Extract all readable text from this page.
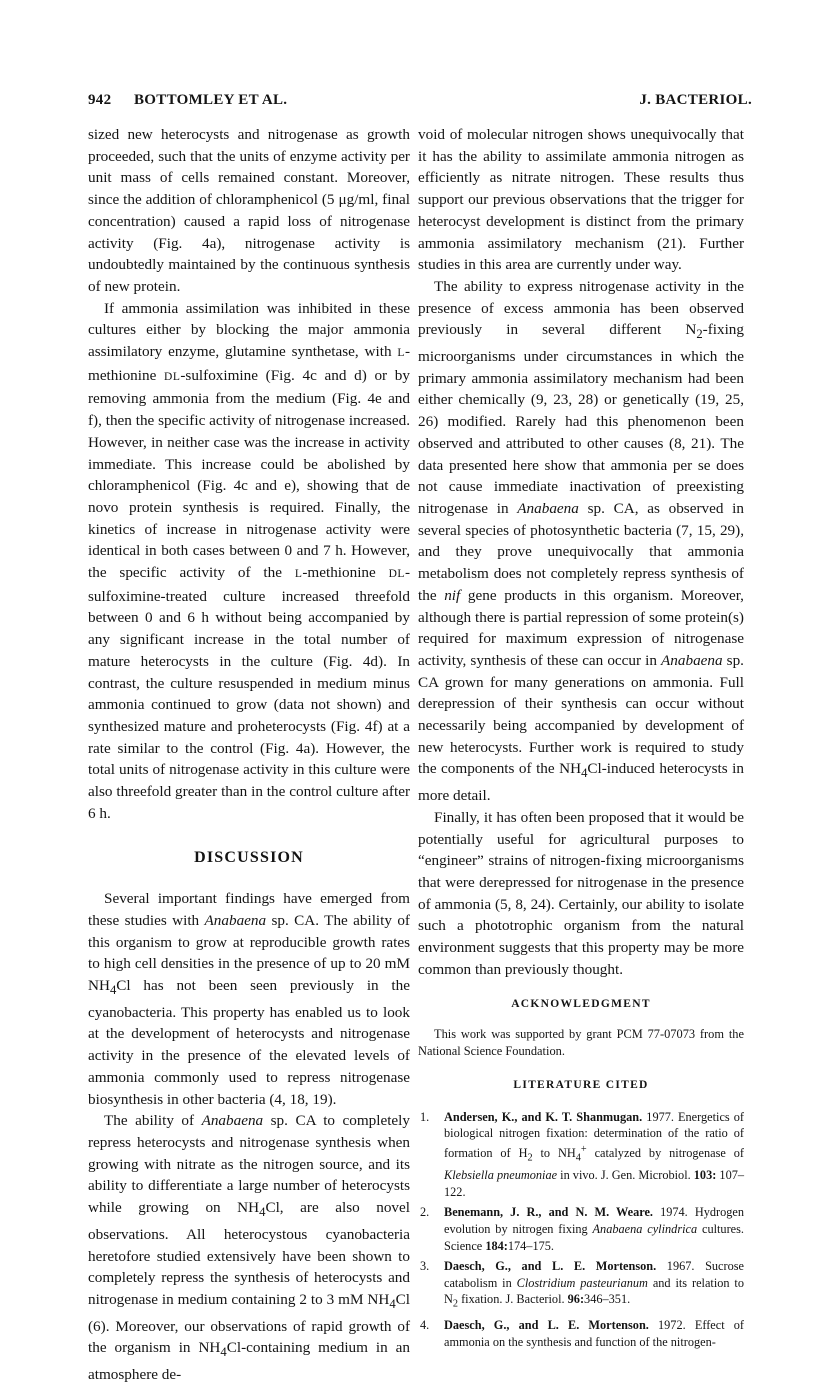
942 BOTTOMLEY ET AL.	J. BACTERIOL.

sized new heterocysts and nitrogenase as growth proceeded, such that the units of enzyme activity per unit mass of cells remained constant. Moreover, since the addition of chloramphenicol (5 μg/ml, final concentration) caused a rapid loss of nitrogenase activity (Fig. 4a), nitrogenase activity is undoubtedly maintained by the continuous synthesis of new protein.

If ammonia assimilation was inhibited in these cultures either by blocking the major ammonia assimilatory enzyme, glutamine synthetase, with L-methionine DL-sulfoximine (Fig. 4c and d) or by removing ammonia from the medium (Fig. 4e and f), then the specific activity of nitrogenase increased. However, in neither case was the increase in activity immediate. This increase could be abolished by chloramphenicol (Fig. 4c and e), showing that de novo protein synthesis is required. Finally, the kinetics of increase in nitrogenase activity were identical in both cases between 0 and 7 h. However, the specific activity of the L-methionine DL-sulfoximine-treated culture increased threefold between 0 and 6 h without being accompanied by any significant increase in the total number of mature heterocysts in the culture (Fig. 4d). In contrast, the culture resuspended in medium minus ammonia continued to grow (data not shown) and synthesized mature and proheterocysts (Fig. 4f) at a rate similar to the control (Fig. 4a). However, the total units of nitrogenase activity in this culture were also threefold greater than in the control culture after 6 h.

DISCUSSION

Several important findings have emerged from these studies with Anabaena sp. CA. The ability of this organism to grow at reproducible growth rates to high cell densities in the presence of up to 20 mM $NH_4Cl$ has not been seen previously in the cyanobacteria. This property has enabled us to look at the development of heterocysts and nitrogenase activity in the presence of the elevated levels of ammonia commonly used to repress nitrogenase biosynthesis in other bacteria (4, 18, 19).

The ability of Anabaena sp. CA to completely repress heterocysts and nitrogenase synthesis when growing with nitrate as the nitrogen source, and its ability to differentiate a large number of heterocysts while growing on $NH_4Cl$, are also novel observations. All heterocystous cyanobacteria heretofore studied extensively have been shown to completely repress the synthesis of heterocysts and nitrogenase in medium containing 2 to 3 mM $NH_4Cl$ (6). Moreover, our observations of rapid growth of the organism in $NH_4Cl$-containing medium in an atmosphere de-

void of molecular nitrogen shows unequivocally that it has the ability to assimilate ammonia nitrogen as efficiently as nitrate nitrogen. These results thus support our previous observations that the trigger for heterocyst development is distinct from the primary ammonia assimilatory mechanism (21). Further studies in this area are currently under way.

The ability to express nitrogenase activity in the presence of excess ammonia has been observed previously in several different $N_2$-fixing microorganisms under circumstances in which the primary ammonia assimilatory mechanism had been either chemically (9, 23, 28) or genetically (19, 25, 26) modified. Rarely had this phenomenon been observed and attributed to other causes (8, 21). The data presented here show that ammonia per se does not cause immediate inactivation of preexisting nitrogenase in Anabaena sp. CA, as observed in several species of photosynthetic bacteria (7, 15, 29), and they prove unequivocally that ammonia metabolism does not completely repress synthesis of the nif gene products in this organism. Moreover, although there is partial repression of some protein(s) required for maximum expression of nitrogenase activity, synthesis of these can occur in Anabaena sp. CA grown for many generations on ammonia. Full derepression of their synthesis can occur without necessarily being accompanied by development of new heterocysts. Further work is required to study the components of the $NH_4Cl$-induced heterocysts in more detail.

Finally, it has often been proposed that it would be potentially useful for agricultural purposes to “engineer” strains of nitrogen-fixing microorganisms that were derepressed for nitrogenase in the presence of ammonia (5, 8, 24). Certainly, our ability to isolate such a phototrophic organism from the natural environment suggests that this property may be more common than previously thought.

ACKNOWLEDGMENT

This work was supported by grant PCM 77-07073 from the National Science Foundation.

LITERATURE CITED
1. Andersen, K., and K. T. Shanmugan. 1977. Energetics of biological nitrogen fixation: determination of the ratio of formation of $H_2$ to $NH_4^+$ catalyzed by nitrogenase of Klebsiella pneumoniae in vivo. J. Gen. Microbiol. 103: 107–122.
2. Benemann, J. R., and N. M. Weare. 1974. Hydrogen evolution by nitrogen fixing Anabaena cylindrica cultures. Science 184:174–175.
3. Daesch, G., and L. E. Mortenson. 1967. Sucrose catabolism in Clostridium pasteurianum and its relation to $N_2$ fixation. J. Bacteriol. 96:346–351.
4. Daesch, G., and L. E. Mortenson. 1972. Effect of ammonia on the synthesis and function of the nitrogen-
